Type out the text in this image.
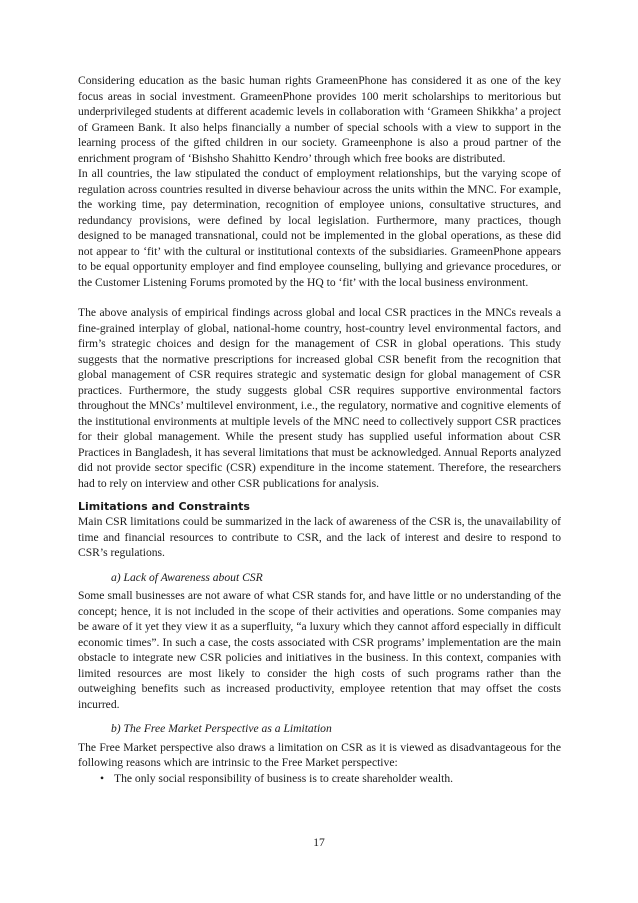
Considering education as the basic human rights GrameenPhone has considered it as one of the key focus areas in social investment. GrameenPhone provides 100 merit scholarships to meritorious but underprivileged students at different academic levels in collaboration with ‘Grameen Shikkha’ a project of Grameen Bank. It also helps financially a number of special schools with a view to support in the learning process of the gifted children in our society. Grameenphone is also a proud partner of the enrichment program of ‘Bishsho Shahitto Kendro’ through which free books are distributed.

In all countries, the law stipulated the conduct of employment relationships, but the varying scope of regulation across countries resulted in diverse behaviour across the units within the MNC. For example, the working time, pay determination, recognition of employee unions, consultative structures, and redundancy provisions, were defined by local legislation. Furthermore, many practices, though designed to be managed transnational, could not be implemented in the global operations, as these did not appear to ‘fit’ with the cultural or institutional contexts of the subsidiaries. GrameenPhone appears to be equal opportunity employer and find employee counseling, bullying and grievance procedures, or the Customer Listening Forums promoted by the HQ to ‘fit’ with the local business environment.

The above analysis of empirical findings across global and local CSR practices in the MNCs reveals a fine-grained interplay of global, national-home country, host-country level environmental factors, and firm’s strategic choices and design for the management of CSR in global operations. This study suggests that the normative prescriptions for increased global CSR benefit from the recognition that global management of CSR requires strategic and systematic design for global management of CSR practices. Furthermore, the study suggests global CSR requires supportive environmental factors throughout the MNCs’ multilevel environment, i.e., the regulatory, normative and cognitive elements of the institutional environments at multiple levels of the MNC need to collectively support CSR practices for their global management. While the present study has supplied useful information about CSR Practices in Bangladesh, it has several limitations that must be acknowledged. Annual Reports analyzed did not provide sector specific (CSR) expenditure in the income statement. Therefore, the researchers had to rely on interview and other CSR publications for analysis.

Limitations and Constraints

Main CSR limitations could be summarized in the lack of awareness of the CSR is, the unavailability of time and financial resources to contribute to CSR, and the lack of interest and desire to respond to CSR’s regulations.

a) Lack of Awareness about CSR

Some small businesses are not aware of what CSR stands for, and have little or no understanding of the concept; hence, it is not included in the scope of their activities and operations. Some companies may be aware of it yet they view it as a superfluity, “a luxury which they cannot afford especially in difficult economic times”. In such a case, the costs associated with CSR programs’ implementation are the main obstacle to integrate new CSR policies and initiatives in the business. In this context, companies with limited resources are most likely to consider the high costs of such programs rather than the outweighing benefits such as increased productivity, employee retention that may offset the costs incurred.

b) The Free Market Perspective as a Limitation

The Free Market perspective also draws a limitation on CSR as it is viewed as disadvantageous for the following reasons which are intrinsic to the Free Market perspective:

• The only social responsibility of business is to create shareholder wealth.
17
